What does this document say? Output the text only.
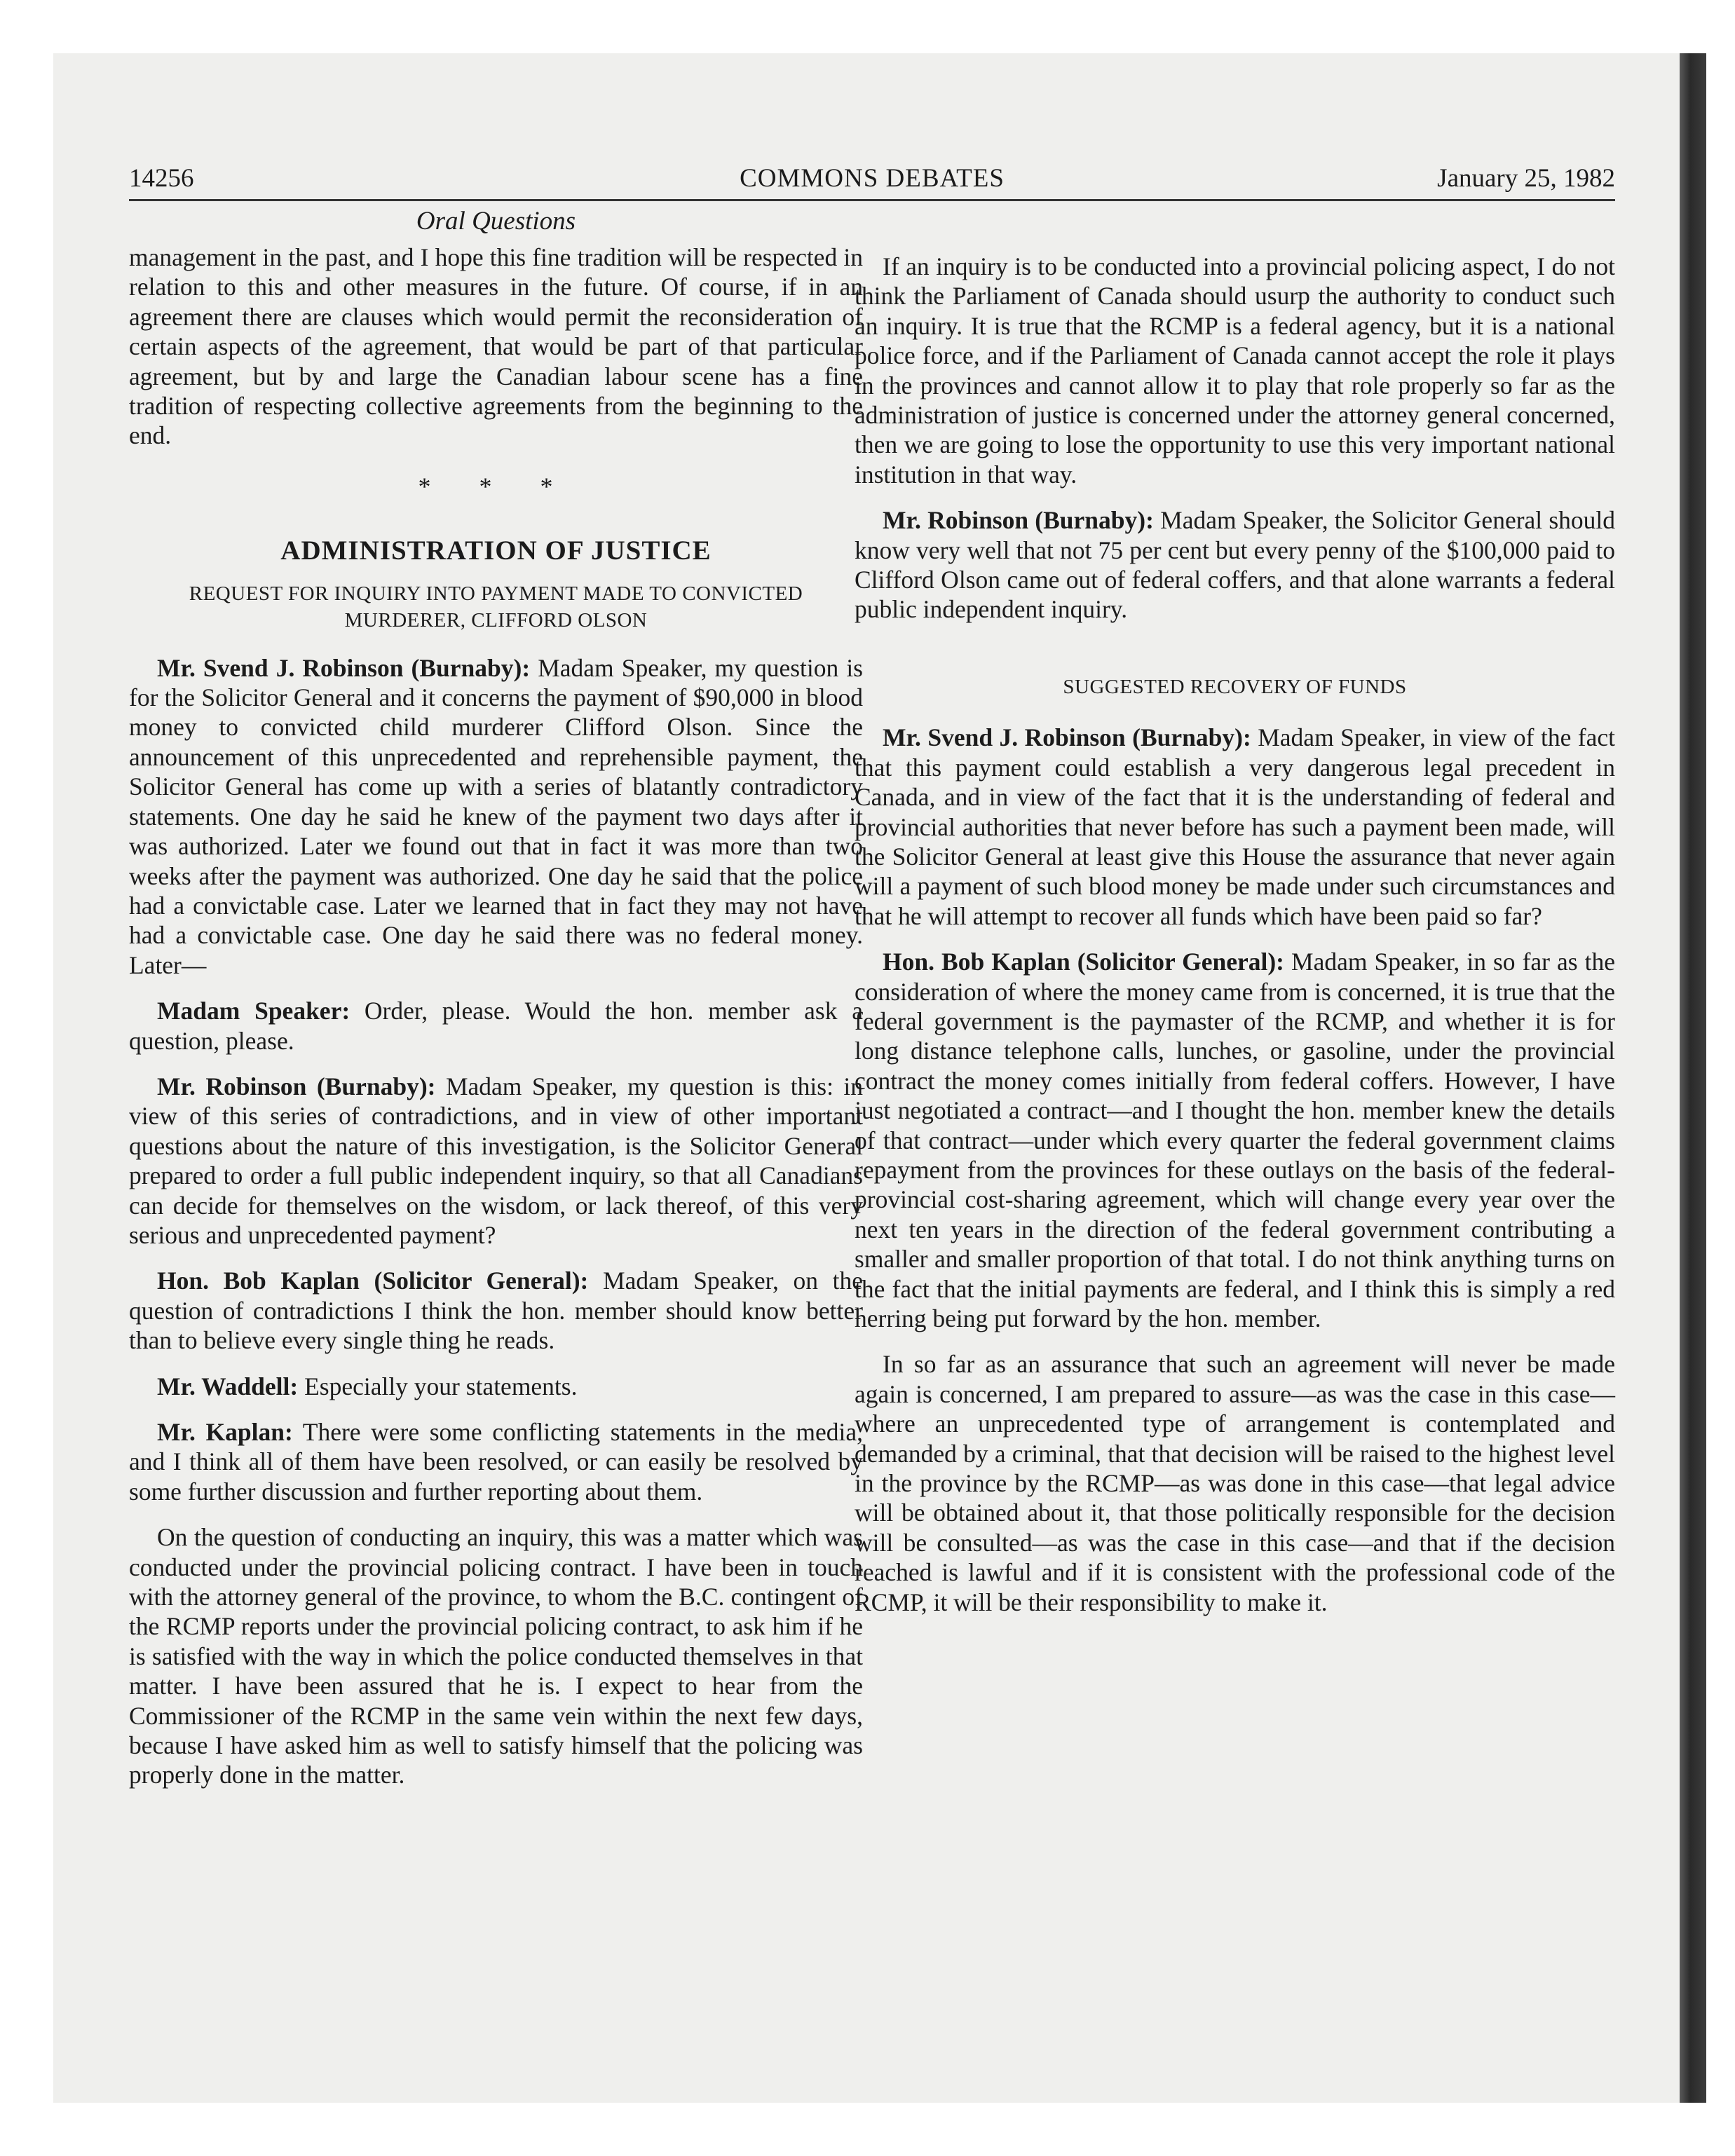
14256	COMMONS DEBATES	January 25, 1982
Oral Questions

management in the past, and I hope this fine tradition will be respected in relation to this and other measures in the future. Of course, if in an agreement there are clauses which would permit the reconsideration of certain aspects of the agreement, that would be part of that particular agreement, but by and large the Canadian labour scene has a fine tradition of respecting collective agreements from the beginning to the end.

* * *
ADMINISTRATION OF JUSTICE
REQUEST FOR INQUIRY INTO PAYMENT MADE TO CONVICTED MURDERER, CLIFFORD OLSON

Mr. Svend J. Robinson (Burnaby): Madam Speaker, my question is for the Solicitor General and it concerns the payment of $90,000 in blood money to convicted child murderer Clifford Olson. Since the announcement of this unprecedented and reprehensible payment, the Solicitor General has come up with a series of blatantly contradictory statements. One day he said he knew of the payment two days after it was authorized. Later we found out that in fact it was more than two weeks after the payment was authorized. One day he said that the police had a convictable case. Later we learned that in fact they may not have had a convictable case. One day he said there was no federal money. Later—

Madam Speaker: Order, please. Would the hon. member ask a question, please.

Mr. Robinson (Burnaby): Madam Speaker, my question is this: in view of this series of contradictions, and in view of other important questions about the nature of this investigation, is the Solicitor General prepared to order a full public independent inquiry, so that all Canadians can decide for themselves on the wisdom, or lack thereof, of this very serious and unprecedented payment?

Hon. Bob Kaplan (Solicitor General): Madam Speaker, on the question of contradictions I think the hon. member should know better than to believe every single thing he reads.

Mr. Waddell: Especially your statements.

Mr. Kaplan: There were some conflicting statements in the media, and I think all of them have been resolved, or can easily be resolved by some further discussion and further reporting about them.

On the question of conducting an inquiry, this was a matter which was conducted under the provincial policing contract. I have been in touch with the attorney general of the province, to whom the B.C. contingent of the RCMP reports under the provincial policing contract, to ask him if he is satisfied with the way in which the police conducted themselves in that matter. I have been assured that he is. I expect to hear from the Commissioner of the RCMP in the same vein within the next few days, because I have asked him as well to satisfy himself that the policing was properly done in the matter.

If an inquiry is to be conducted into a provincial policing aspect, I do not think the Parliament of Canada should usurp the authority to conduct such an inquiry. It is true that the RCMP is a federal agency, but it is a national police force, and if the Parliament of Canada cannot accept the role it plays in the provinces and cannot allow it to play that role properly so far as the administration of justice is concerned under the attorney general concerned, then we are going to lose the opportunity to use this very important national institution in that way.

Mr. Robinson (Burnaby): Madam Speaker, the Solicitor General should know very well that not 75 per cent but every penny of the $100,000 paid to Clifford Olson came out of federal coffers, and that alone warrants a federal public independent inquiry.

SUGGESTED RECOVERY OF FUNDS

Mr. Svend J. Robinson (Burnaby): Madam Speaker, in view of the fact that this payment could establish a very dangerous legal precedent in Canada, and in view of the fact that it is the understanding of federal and provincial authorities that never before has such a payment been made, will the Solicitor General at least give this House the assurance that never again will a payment of such blood money be made under such circumstances and that he will attempt to recover all funds which have been paid so far?

Hon. Bob Kaplan (Solicitor General): Madam Speaker, in so far as the consideration of where the money came from is concerned, it is true that the federal government is the paymaster of the RCMP, and whether it is for long distance telephone calls, lunches, or gasoline, under the provincial contract the money comes initially from federal coffers. However, I have just negotiated a contract—and I thought the hon. member knew the details of that contract—under which every quarter the federal government claims repayment from the provinces for these outlays on the basis of the federal-provincial cost-sharing agreement, which will change every year over the next ten years in the direction of the federal government contributing a smaller and smaller proportion of that total. I do not think anything turns on the fact that the initial payments are federal, and I think this is simply a red herring being put forward by the hon. member.

In so far as an assurance that such an agreement will never be made again is concerned, I am prepared to assure—as was the case in this case—where an unprecedented type of arrangement is contemplated and demanded by a criminal, that that decision will be raised to the highest level in the province by the RCMP—as was done in this case—that legal advice will be obtained about it, that those politically responsible for the decision will be consulted—as was the case in this case—and that if the decision reached is lawful and if it is consistent with the professional code of the RCMP, it will be their responsibility to make it.
